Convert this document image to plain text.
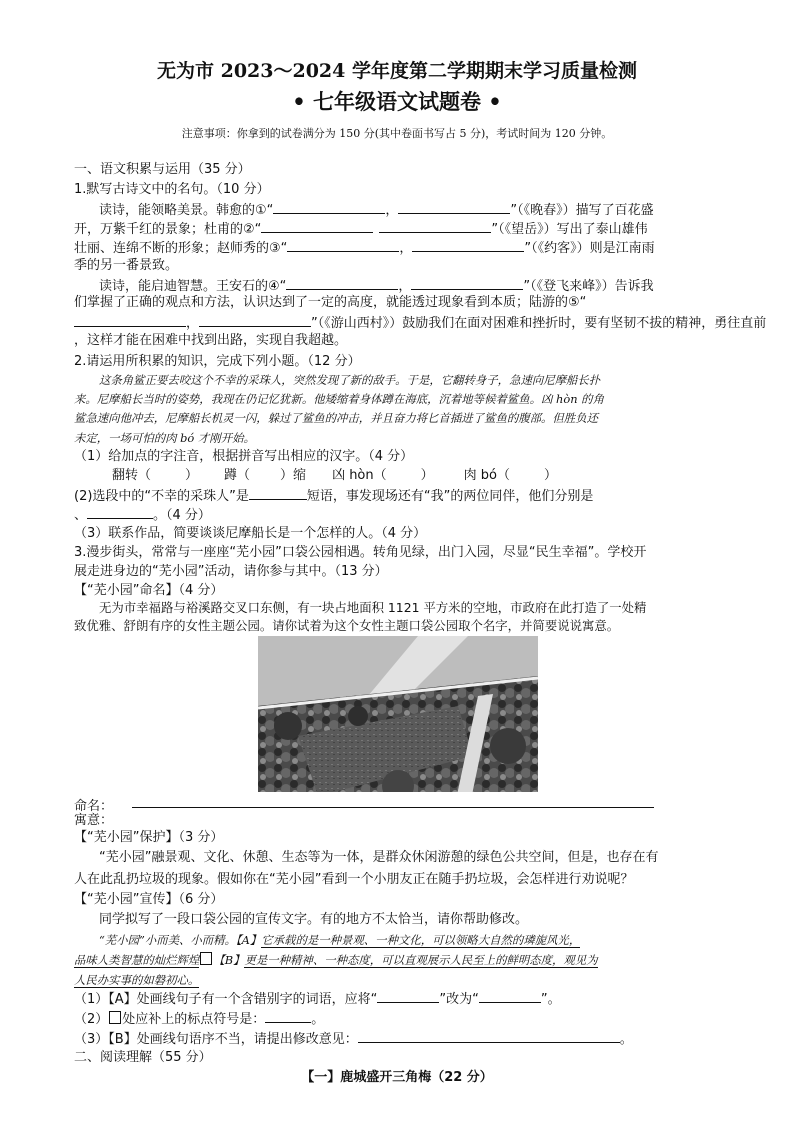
无为市 2023～2024 学年度第二学期期末学习质量检测
• 七年级语文试题卷 •
注意事项：你拿到的试卷满分为 150 分(其中卷面书写占 5 分)，考试时间为 120 分钟。
一、语文积累与运用（35 分）
1.默写古诗文中的名句。（10 分）
读诗，能领略美景。韩愈的①“	，	”（《晚春》）描写了百花盛
开，万紫千红的景象；杜甫的②“	”（《望岳》）写出了泰山雄伟
壮丽、连绵不断的形象；赵师秀的③“	，	”（《约客》）则是江南雨
季的另一番景致。
读诗，能启迪智慧。王安石的④“	，	”（《登飞来峰》）告诉我
们掌握了正确的观点和方法，认识达到了一定的高度，就能透过现象看到本质；陆游的⑤“
，	”（《游山西村》）鼓励我们在面对困难和挫折时，要有坚韧不拔的精神，勇往直前
，这样才能在困难中找到出路，实现自我超越。
2.请运用所积累的知识，完成下列小题。（12 分）
这条角鲨正要去咬这个不幸的采珠人，突然发现了新的敌手。于是，它翻转身子，急速向尼摩船长扑
来。尼摩船长当时的姿势，我现在仍记忆犹新。他矮缩着身体蹲在海底，沉着地等候着鲨鱼。凶 hòn 的角
鲨急速向他冲去，尼摩船长机灵一闪，躲过了鲨鱼的冲击，并且奋力将匕首插进了鲨鱼的腹部。但胜负还
未定，一场可怕的肉 bó 才刚开始。
（1）给加点的字注音，根据拼音写出相应的汉字。（4 分）
翻转（	） 蹲（ ）缩 凶 hòn（	） 肉 bó（	）
(2)选段中的“不幸的采珠人”是	短语，事发现场还有“我”的两位同伴，他们分别是
、	。（4 分）
（3）联系作品，简要谈谈尼摩船长是一个怎样的人。（4 分）
3.漫步街头，常常与一座座“芜小园”口袋公园相遇。转角见绿，出门入园，尽显“民生幸福”。学校开
展走进身边的“芜小园”活动，请你参与其中。（13 分）
【“芜小园”命名】（4 分）
命名：
寓意：
【“芜小园”保护】（3 分）
“芜小园”融景观、文化、休憩、生态等为一体，是群众休闲游憩的绿色公共空间，但是，也存在有
人在此乱扔垃圾的现象。假如你在“芜小园”看到一个小朋友正在随手扔垃圾，会怎样进行劝说呢？
【“芜小园”宣传】（6 分）
同学拟写了一段口袋公园的宣传文字。有的地方不太恰当，请你帮助修改。
“芜小园”小而美、小而精。【A】它承载的是一种景观、一种文化，可以领略大自然的璘旎风光，
品味人类智慧的灿烂辉煌 【B】更是一种精神、一种态度，可以直观展示人民至上的鲜明态度，观见为
人民办实事的如磐初心。
（1）【A】处画线句子有一个含错别字的词语，应将“	”改为“	”。
（2） 处应补上的标点符号是：	。
（3）【B】处画线句语序不当，请提出修改意见：	。
二、阅读理解（55 分）
【一】鹿城盛开三角梅（22 分）
无为市幸福路与裕溪路交叉口东侧，有一块占地面积 1121 平方米的空地，市政府在此打造了一处精
致优雅、舒朗有序的女性主题公园。请你试着为这个女性主题口袋公园取个名字，并简要说说寓意。
